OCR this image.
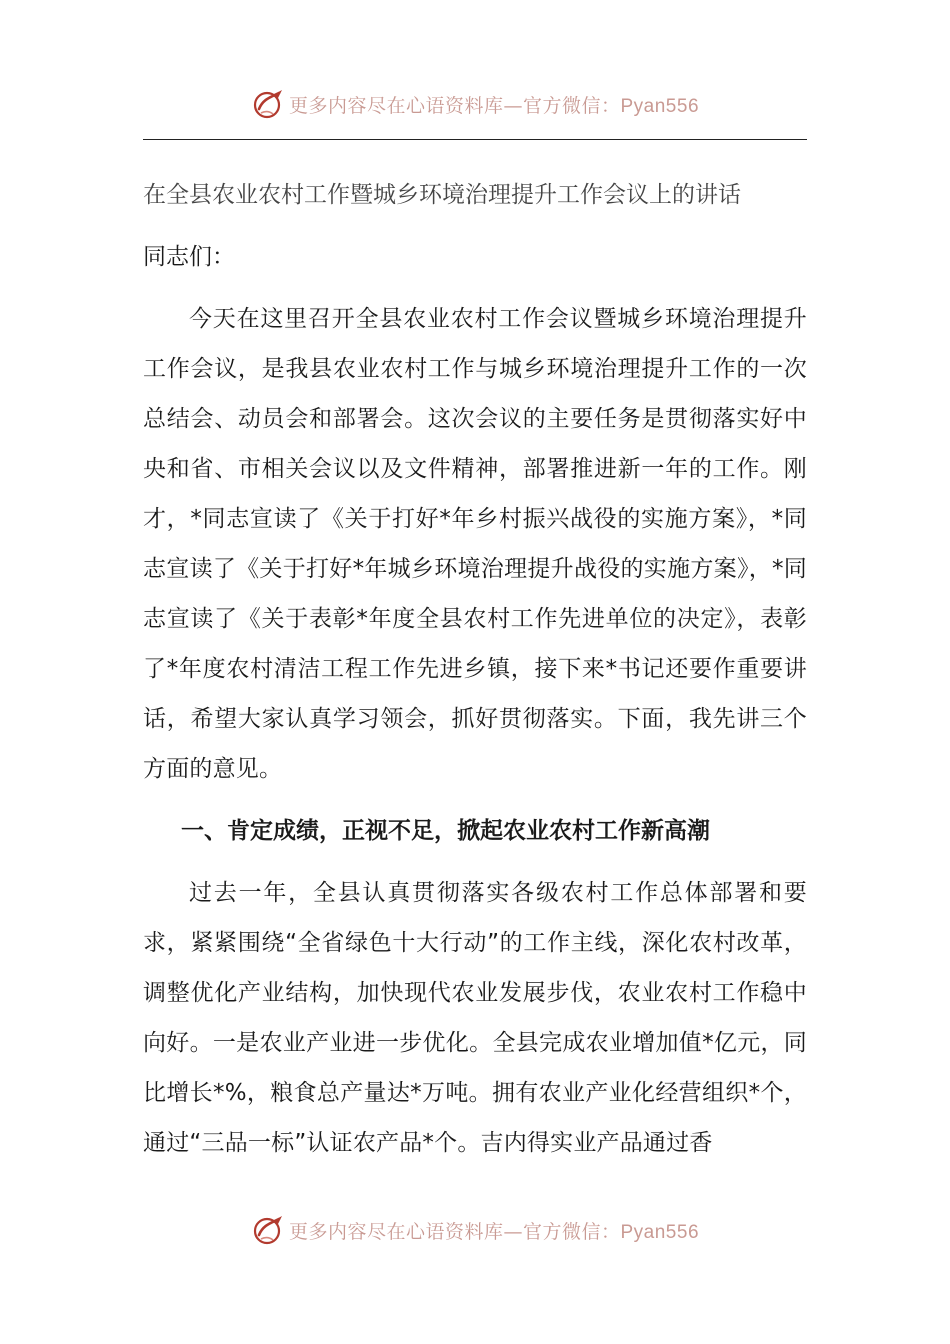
更多内容尽在心语资料库—官方微信：Pyan556
在全县农业农村工作暨城乡环境治理提升工作会议上的讲话

同志们：

今天在这里召开全县农业农村工作会议暨城乡环境治理提升工作会议，是我县农业农村工作与城乡环境治理提升工作的一次总结会、动员会和部署会。这次会议的主要任务是贯彻落实好中央和省、市相关会议以及文件精神，部署推进新一年的工作。刚才，*同志宣读了《关于打好*年乡村振兴战役的实施方案》，*同志宣读了《关于打好*年城乡环境治理提升战役的实施方案》，*同志宣读了《关于表彰*年度全县农村工作先进单位的决定》，表彰了*年度农村清洁工程工作先进乡镇，接下来*书记还要作重要讲话，希望大家认真学习领会，抓好贯彻落实。下面，我先讲三个方面的意见。

一、肯定成绩，正视不足，掀起农业农村工作新高潮

过去一年，全县认真贯彻落实各级农村工作总体部署和要求，紧紧围绕“全省绿色十大行动”的工作主线，深化农村改革，调整优化产业结构，加快现代农业发展步伐，农业农村工作稳中向好。一是农业产业进一步优化。全县完成农业增加值*亿元，同比增长*%，粮食总产量达*万吨。拥有农业产业化经营组织*个，通过“三品一标”认证农产品*个。吉内得实业产品通过香

更多内容尽在心语资料库—官方微信：Pyan556
